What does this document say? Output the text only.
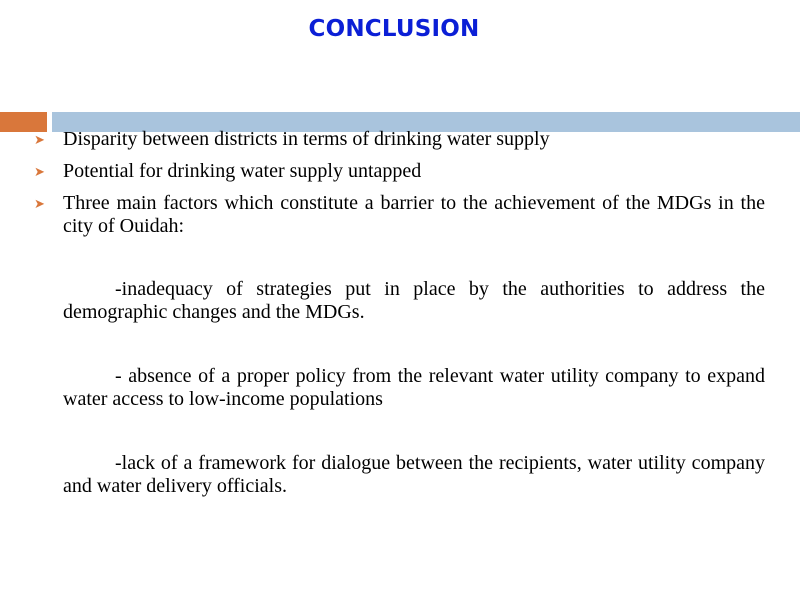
CONCLUSION
➤ Disparity between districts in terms of drinking water supply
➤ Potential for drinking water supply untapped
➤ Three main factors which constitute a barrier to the achievement of the MDGs in the city of Ouidah:
-inadequacy of strategies put in place by the authorities to address the demographic changes and the MDGs.
- absence of a proper policy from the relevant water utility company to expand water access to low-income populations
-lack of a framework for dialogue between the recipients, water utility company and water delivery officials.
